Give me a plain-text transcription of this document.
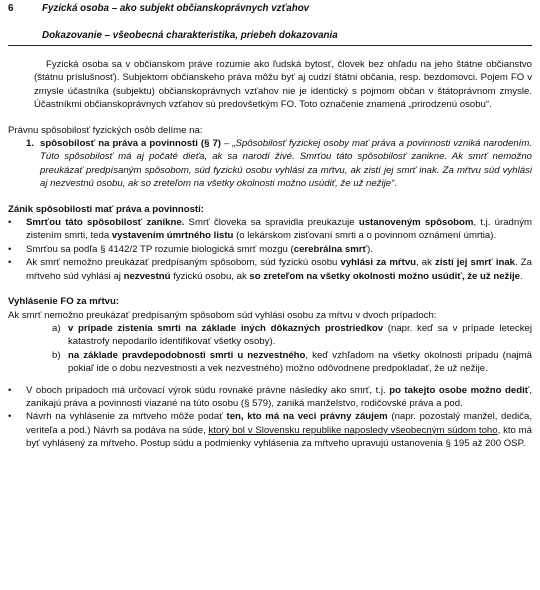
6	Fyzická osoba – ako subjekt občianskoprávnych vzťahov
Dokazovanie – všeobecná charakteristika, priebeh dokazovania

Fyzická osoba sa v občianskom práve rozumie ako ľudská bytosť, človek bez ohľadu na jeho štátne občianstvo (štátnu príslušnosť). Subjektom občianskeho práva môžu byť aj cudzí štátni občania, resp. bezdomovci. Pojem FO v zmysle účastníka (subjektu) občianskoprávnych vzťahov nie je identický s pojmom občan v štátoprávnom zmysle. Účastníkmi občianskoprávnych vzťahov sú predovšetkým FO. Toto označenie znamená „prirodzenú osobu“.

Právnu spôsobilosť fyzických osôb delíme na:

1. spôsobilosť na práva a povinnosti (§ 7) – „Spôsobilosť fyzickej osoby mať práva a povinnosti vzniká narodením. Túto spôsobilosť má aj počaté dieťa, ak sa narodí živé. Smrťou táto spôsobilosť zanikne. Ak smrť nemožno preukázať predpísaným spôsobom, súd fyzickú osobu vyhlási za mŕtvu, ak zistí jej smrť inak. Za mŕtvu súd vyhlási aj nezvestnú osobu, ak so zreteľom na všetky okolnosti možno usúdiť, že už nežije“.

Zánik spôsobilosti mať práva a povinnosti:

•	Smrťou táto spôsobilosť zanikne. Smrť človeka sa spravidla preukazuje ustanoveným spôsobom, t.j. úradným zistením smrti, teda vystavením úmrtného listu (o lekárskom zisťovaní smrti a o povinnom oznámení úmrtia).
•	Smrťou sa podľa § 4142/2 TP rozumie biologická smrť mozgu (cerebrálna smrť).
•	Ak smrť nemožno preukázať predpísaným spôsobom, súd fyzickú osobu vyhlási za mŕtvu, ak zistí jej smrť inak. Za mŕtveho súd vyhlási aj nezvestnú fyzickú osobu, ak so zreteľom na všetky okolnosti možno usúdiť, že už nežije.

Vyhlásenie FO za mŕtvu:

Ak smrť nemožno preukázať predpísaným spôsobom súd vyhlási osobu za mŕtvu v dvoch prípadoch:

a) v prípade zistenia smrti na základe iných dôkazných prostriedkov (napr. keď sa v prípade leteckej katastrofy nepodarilo identifikovať všetky osoby).
b) na základe pravdepodobnosti smrti u nezvestného, keď vzhľadom na všetky okolnosti prípadu (najmä pokiaľ ide o dobu nezvestnosti a vek nezvestného) možno odôvodnene predpokladať, že už nežije.
•	V oboch prípadoch má určovací výrok súdu rovnaké právne následky ako smrť, t.j. po takejto osobe možno dediť, zanikajú práva a povinnosti viazané na túto osobu (§ 579), zaniká manželstvo, rodičovské práva a pod.
•	Návrh na vyhlásenie za mŕtveho môže podať ten, kto má na veci právny záujem (napr. pozostalý manžel, dediča, veriteľa a pod.) Návrh sa podáva na súde, ktorý bol v Slovensku republike naposledy všeobecným súdom toho, kto má byť vyhlásený za mŕtveho. Postup súdu a podmienky vyhlásenia za mŕtveho upravujú ustanovenia § 195 až 200 OSP.
